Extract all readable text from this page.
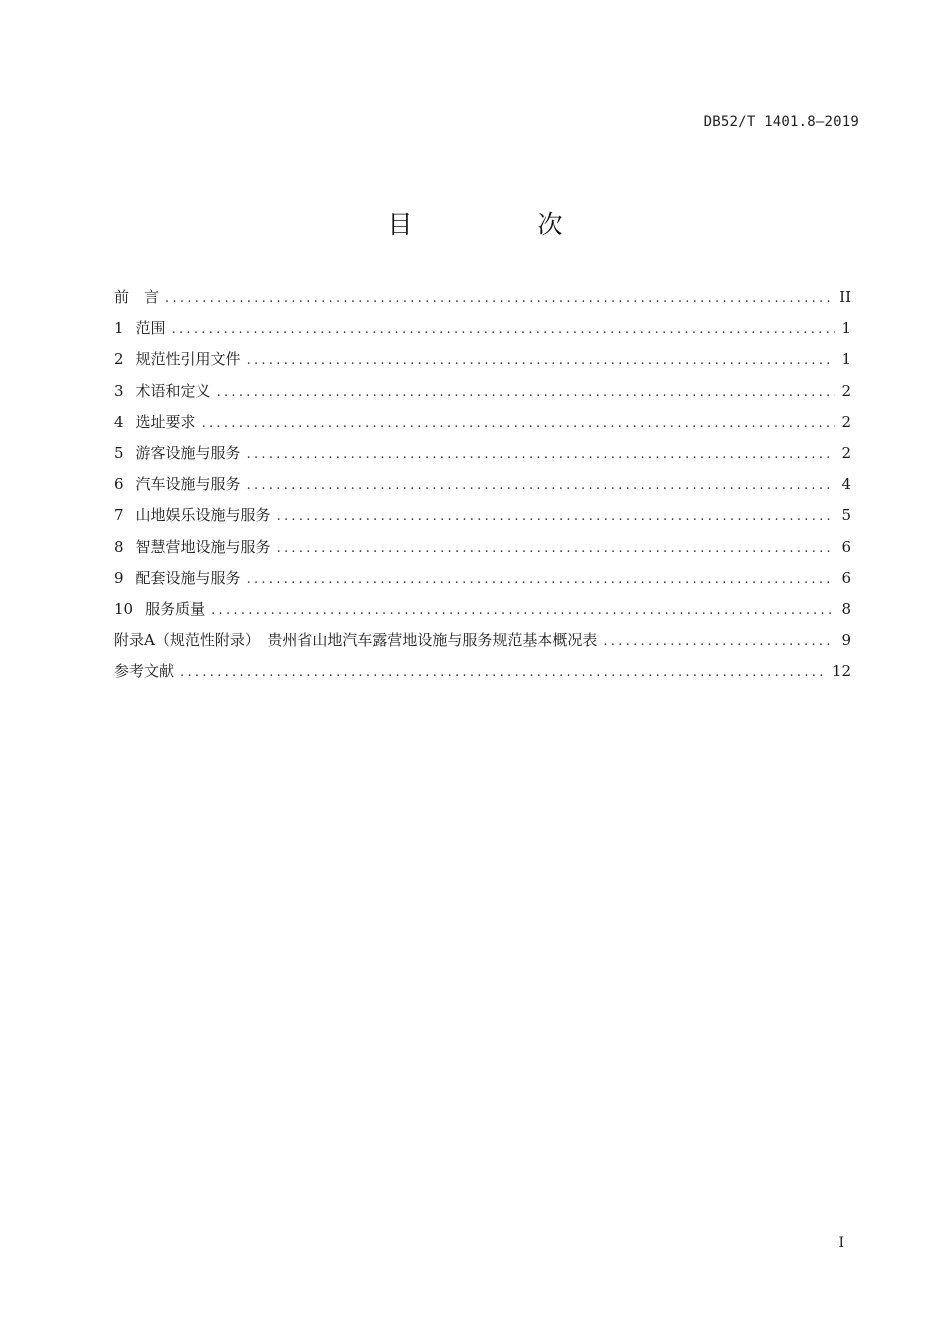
DB52/T 1401.8—2019
目　次
前　言 .....	II
1 范围 .....	1
2 规范性引用文件 .....	1
3 术语和定义 .....	2
4 选址要求 .....	2
5 游客设施与服务 .....	2
6 汽车设施与服务 .....	4
7 山地娱乐设施与服务 .....	5
8 智慧营地设施与服务 .....	6
9 配套设施与服务 .....	6
10 服务质量 .....	8
附录A（规范性附录）　贵州省山地汽车露营地设施与服务规范基本概况表 .....	9
参考文献 .....	12
I
